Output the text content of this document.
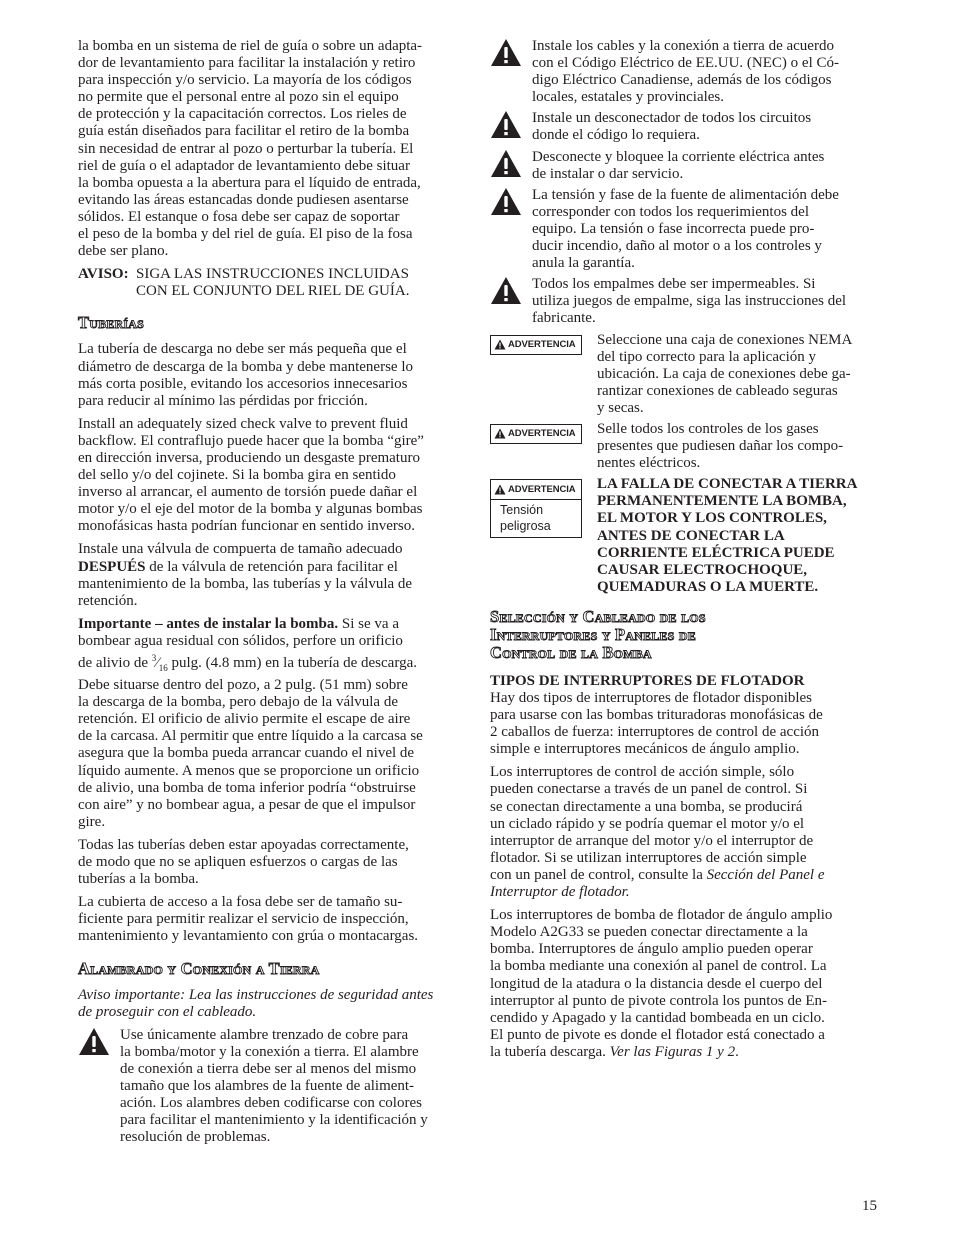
la bomba en un sistema de riel de guía o sobre un adapta-
dor de levantamiento para facilitar la instalación y retiro
para inspección y/o servicio. La mayoría de los códigos
no permite que el personal entre al pozo sin el equipo
de protección y la capacitación correctos. Los rieles de
guía están diseñados para facilitar el retiro de la bomba
sin necesidad de entrar al pozo o perturbar la tubería. El
riel de guía o el adaptador de levantamiento debe situar
la bomba opuesta a la abertura para el líquido de entrada,
evitando las áreas estancadas donde pudiesen asentarse
sólidos. El estanque o fosa debe ser capaz de soportar
el peso de la bomba y del riel de guía. El piso de la fosa
debe ser plano.

AVISO: SIGA LAS INSTRUCCIONES INCLUIDAS
CON EL CONJUNTO DEL RIEL DE GUÍA.
Tuberías

La tubería de descarga no debe ser más pequeña que el
diámetro de descarga de la bomba y debe mantenerse lo
más corta posible, evitando los accesorios innecesarios
para reducir al mínimo las pérdidas por fricción.

Install an adequately sized check valve to prevent fluid
backflow. El contraflujo puede hacer que la bomba “gire”
en dirección inversa, produciendo un desgaste prematuro
del sello y/o del cojinete. Si la bomba gira en sentido
inverso al arrancar, el aumento de torsión puede dañar el
motor y/o el eje del motor de la bomba y algunas bombas
monofásicas hasta podrían funcionar en sentido inverso.

Instale una válvula de compuerta de tamaño adecuado
DESPUÉS de la válvula de retención para facilitar el
mantenimiento de la bomba, las tuberías y la válvula de
retención.

Importante – antes de instalar la bomba. Si se va a
bombear agua residual con sólidos, perfore un orificio
de alivio de $^3⁄_{16}$ pulg. (4.8 mm) en la tubería de descarga.
Debe situarse dentro del pozo, a 2 pulg. (51 mm) sobre
la descarga de la bomba, pero debajo de la válvula de
retención. El orificio de alivio permite el escape de aire
de la carcasa. Al permitir que entre líquido a la carcasa se
asegura que la bomba pueda arrancar cuando el nivel de
líquido aumente. A menos que se proporcione un orificio
de alivio, una bomba de toma inferior podría “obstruirse
con aire” y no bombear agua, a pesar de que el impulsor
gire.

Todas las tuberías deben estar apoyadas correctamente,
de modo que no se apliquen esfuerzos o cargas de las
tuberías a la bomba.

La cubierta de acceso a la fosa debe ser de tamaño su-
ficiente para permitir realizar el servicio de inspección,
mantenimiento y levantamiento con grúa o montacargas.

Alambrado y Conexión a Tierra

Aviso importante: Lea las instrucciones de seguridad antes
de proseguir con el cableado.

Use únicamente alambre trenzado de cobre para
la bomba/motor y la conexión a tierra. El alambre
de conexión a tierra debe ser al menos del mismo
tamaño que los alambres de la fuente de aliment-
ación. Los alambres deben codificarse con colores
para facilitar el mantenimiento y la identificación y
resolución de problemas.
Instale los cables y la conexión a tierra de acuerdo
con el Código Eléctrico de EE.UU. (NEC) o el Có-
digo Eléctrico Canadiense, además de los códigos
locales, estatales y provinciales.
Instale un desconectador de todos los circuitos
donde el código lo requiera.
Desconecte y bloquee la corriente eléctrica antes
de instalar o dar servicio.
La tensión y fase de la fuente de alimentación debe
corresponder con todos los requerimientos del
equipo. La tensión o fase incorrecta puede pro-
ducir incendio, daño al motor o a los controles y
anula la garantía.
Todos los empalmes debe ser impermeables. Si
utiliza juegos de empalme, siga las instrucciones del
fabricante.
ADVERTENCIA Seleccione una caja de conexiones NEMA
del tipo correcto para la aplicación y
ubicación. La caja de conexiones debe ga-
rantizar conexiones de cableado seguras
y secas.
ADVERTENCIA Selle todos los controles de los gases
presentes que pudiesen dañar los compo-
nentes eléctricos.
ADVERTENCIA
Tensión
peligrosa
LA FALLA DE CONECTAR A TIERRA
PERMANENTEMENTE LA BOMBA,
EL MOTOR Y LOS CONTROLES,
ANTES DE CONECTAR LA
CORRIENTE ELÉCTRICA PUEDE
CAUSAR ELECTROCHOQUE,
QUEMADURAS O LA MUERTE.
Selección y Cableado de los
Interruptores y Paneles de
Control de la Bomba
TIPOS DE INTERRUPTORES DE FLOTADOR

Hay dos tipos de interruptores de flotador disponibles
para usarse con las bombas trituradoras monofásicas de
2 caballos de fuerza: interruptores de control de acción
simple e interruptores mecánicos de ángulo amplio.

Los interruptores de control de acción simple, sólo
pueden conectarse a través de un panel de control. Si
se conectan directamente a una bomba, se producirá
un ciclado rápido y se podría quemar el motor y/o el
interruptor de arranque del motor y/o el interruptor de
flotador. Si se utilizan interruptores de acción simple
con un panel de control, consulte la Sección del Panel e
Interruptor de flotador.

Los interruptores de bomba de flotador de ángulo amplio
Modelo A2G33 se pueden conectar directamente a la
bomba. Interruptores de ángulo amplio pueden operar
la bomba mediante una conexión al panel de control. La
longitud de la atadura o la distancia desde el cuerpo del
interruptor al punto de pivote controla los puntos de En-
cendido y Apagado y la cantidad bombeada en un ciclo.
El punto de pivote es donde el flotador está conectado a
la tubería descarga. Ver las Figuras 1 y 2.

15
